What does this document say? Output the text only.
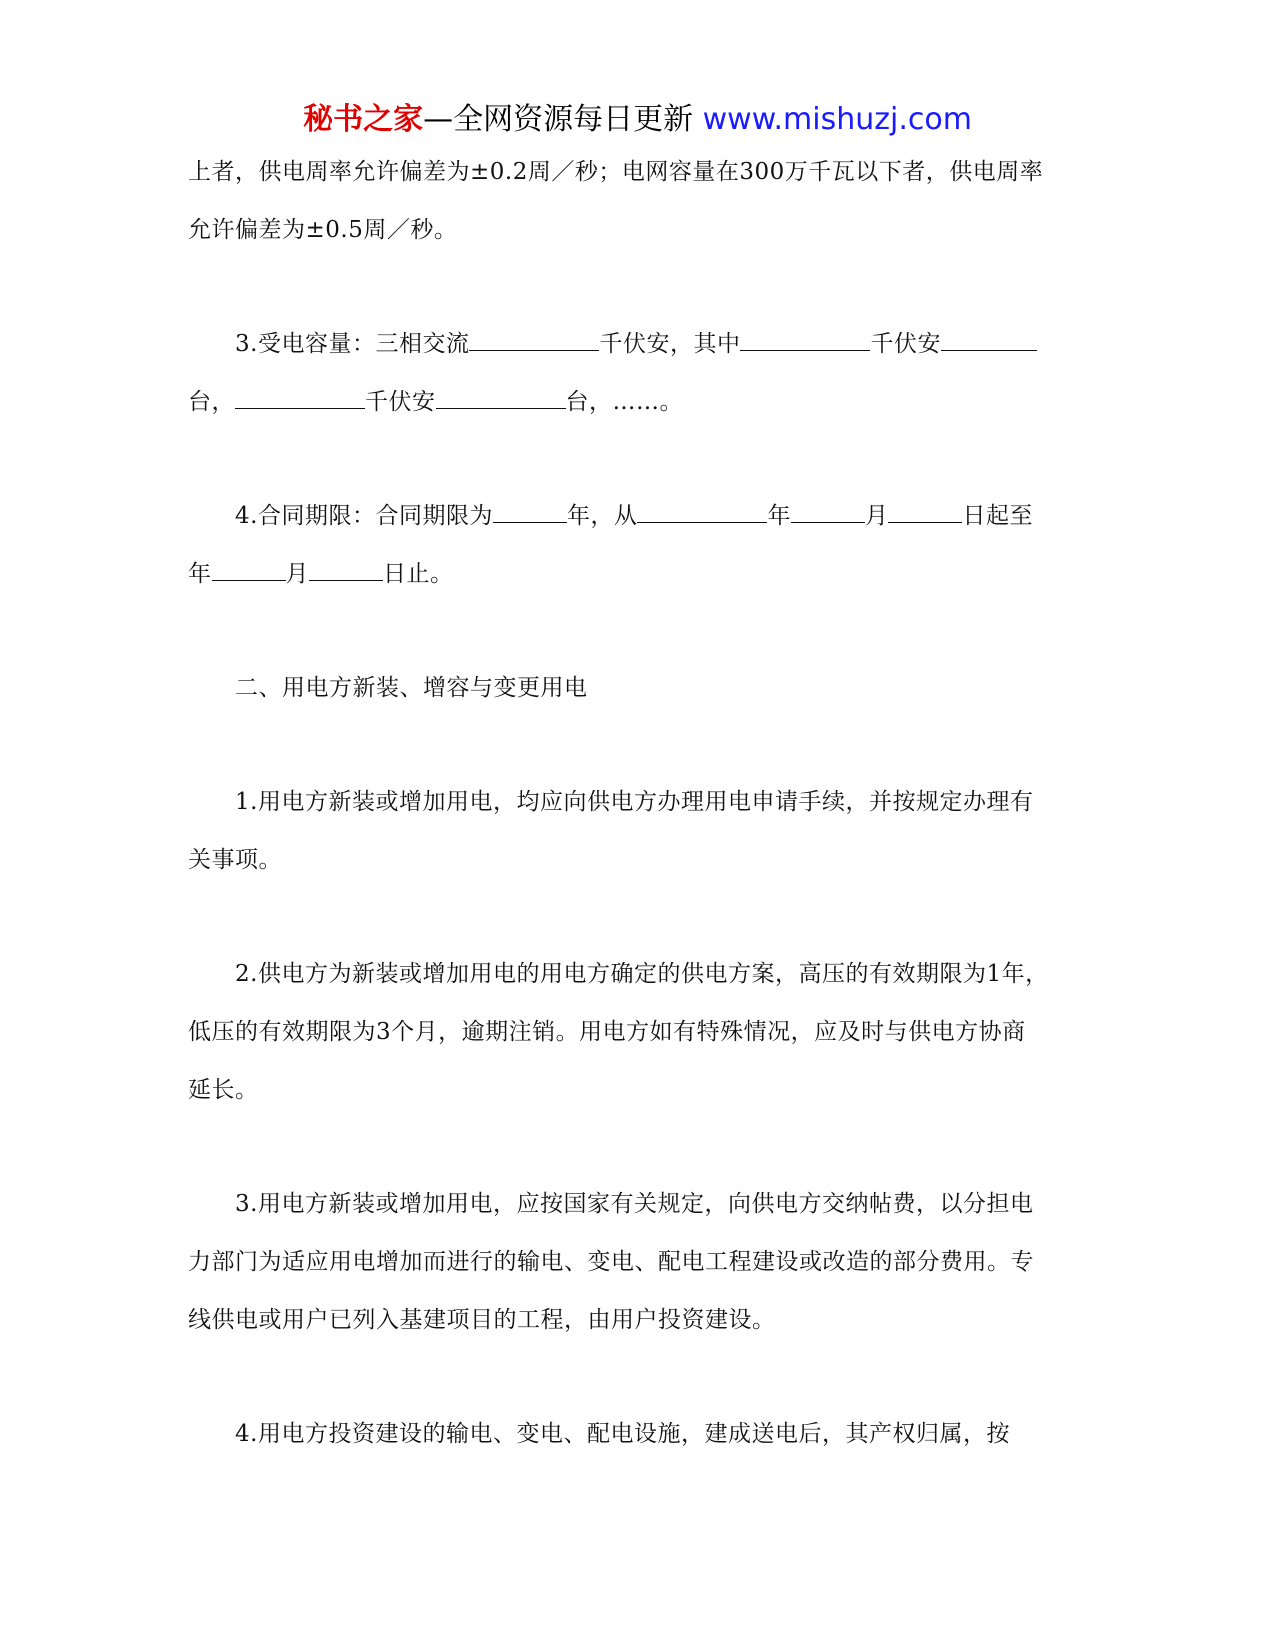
秘书之家—全网资源每日更新 www.mishuzj.com
上者，供电周率允许偏差为±0.2周／秒；电网容量在300万千瓦以下者，供电周率
允许偏差为±0.5周／秒。
3.受电容量：三相交流	千伏安，其中	千伏安
台，	千伏安	台，……。
4.合同期限：合同期限为	年，从	年	月	日起至
年	月	日止。
二、用电方新装、增容与变更用电
1.用电方新装或增加用电，均应向供电方办理用电申请手续，并按规定办理有
关事项。
2.供电方为新装或增加用电的用电方确定的供电方案，高压的有效期限为1年，
低压的有效期限为3个月，逾期注销。用电方如有特殊情况，应及时与供电方协商
延长。
3.用电方新装或增加用电，应按国家有关规定，向供电方交纳帖费，以分担电
力部门为适应用电增加而进行的输电、变电、配电工程建设或改造的部分费用。专
线供电或用户已列入基建项目的工程，由用户投资建设。
4.用电方投资建设的输电、变电、配电设施，建成送电后，其产权归属，按
